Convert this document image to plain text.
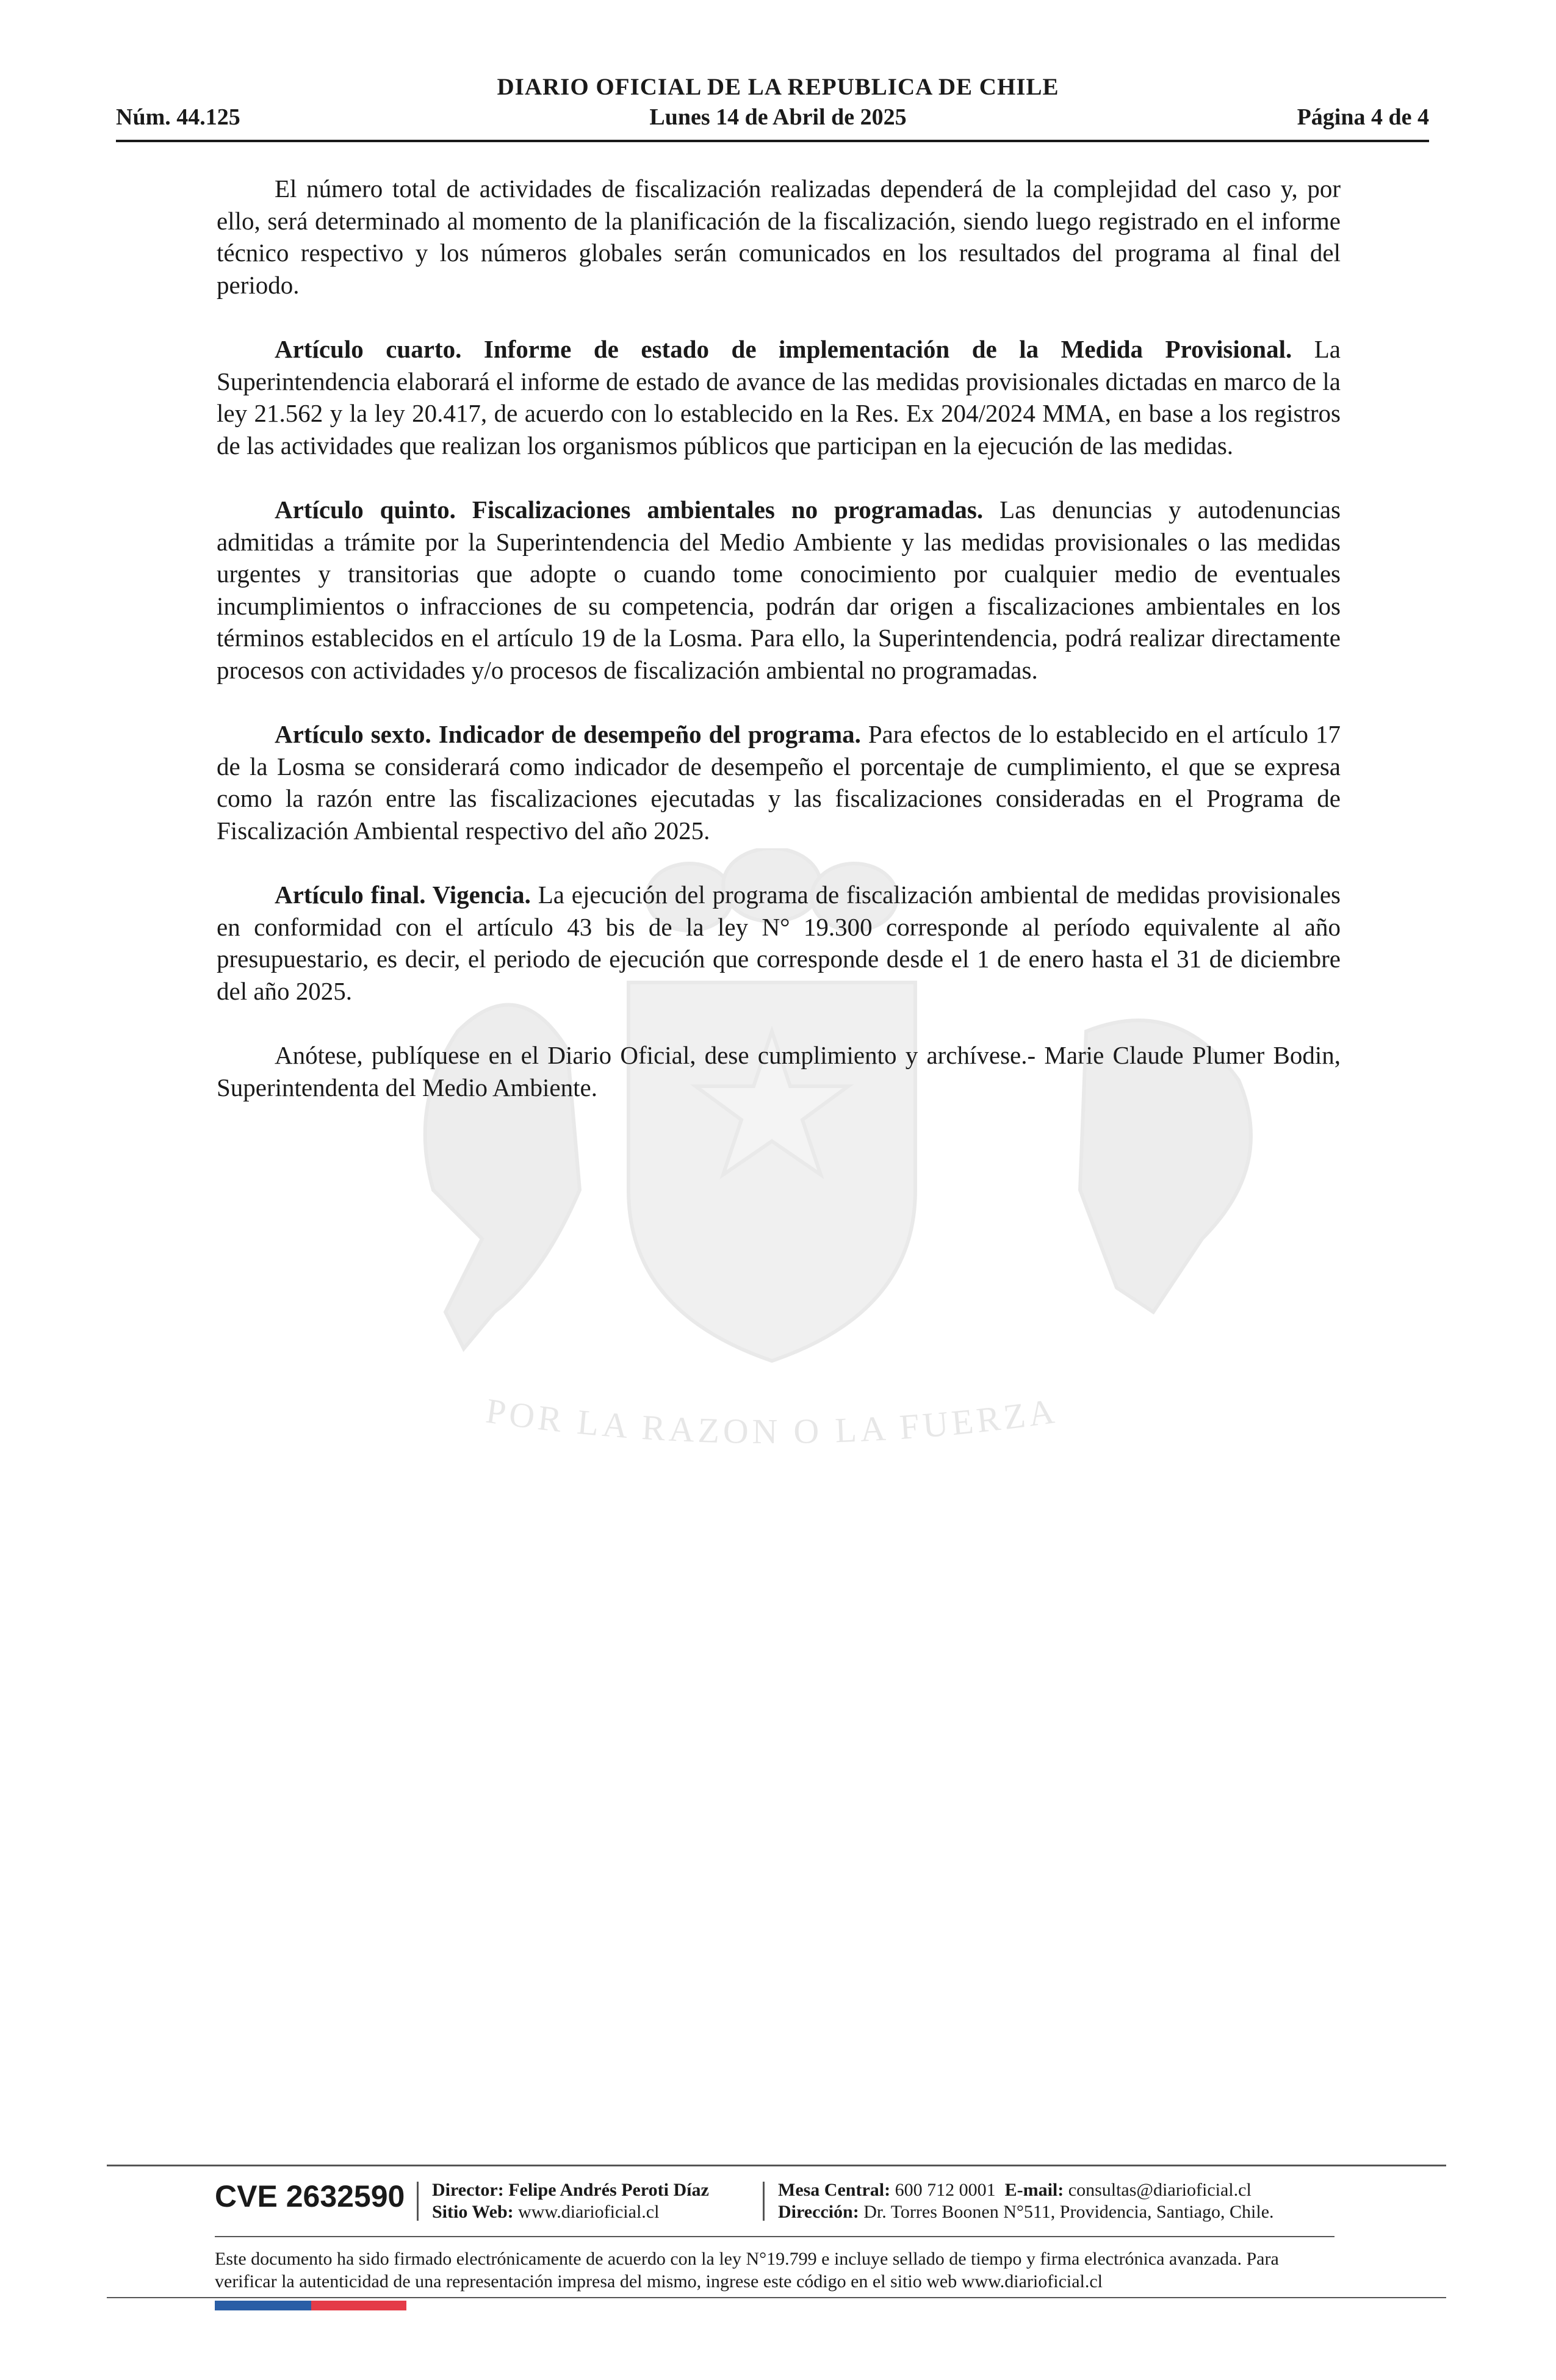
DIARIO OFICIAL DE LA REPUBLICA DE CHILE
Núm. 44.125	Lunes 14 de Abril de 2025	Página 4 de 4
POR LA RAZON O LA FUERZA

El número total de actividades de fiscalización realizadas dependerá de la complejidad del caso y, por ello, será determinado al momento de la planificación de la fiscalización, siendo luego registrado en el informe técnico respectivo y los números globales serán comunicados en los resultados del programa al final del periodo.

Artículo cuarto. Informe de estado de implementación de la Medida Provisional. La Superintendencia elaborará el informe de estado de avance de las medidas provisionales dictadas en marco de la ley 21.562 y la ley 20.417, de acuerdo con lo establecido en la Res. Ex 204/2024 MMA, en base a los registros de las actividades que realizan los organismos públicos que participan en la ejecución de las medidas.

Artículo quinto. Fiscalizaciones ambientales no programadas. Las denuncias y autodenuncias admitidas a trámite por la Superintendencia del Medio Ambiente y las medidas provisionales o las medidas urgentes y transitorias que adopte o cuando tome conocimiento por cualquier medio de eventuales incumplimientos o infracciones de su competencia, podrán dar origen a fiscalizaciones ambientales en los términos establecidos en el artículo 19 de la Losma. Para ello, la Superintendencia, podrá realizar directamente procesos con actividades y/o procesos de fiscalización ambiental no programadas.

Artículo sexto. Indicador de desempeño del programa. Para efectos de lo establecido en el artículo 17 de la Losma se considerará como indicador de desempeño el porcentaje de cumplimiento, el que se expresa como la razón entre las fiscalizaciones ejecutadas y las fiscalizaciones consideradas en el Programa de Fiscalización Ambiental respectivo del año 2025.

Artículo final. Vigencia. La ejecución del programa de fiscalización ambiental de medidas provisionales en conformidad con el artículo 43 bis de la ley N° 19.300 corresponde al período equivalente al año presupuestario, es decir, el periodo de ejecución que corresponde desde el 1 de enero hasta el 31 de diciembre del año 2025.

Anótese, publíquese en el Diario Oficial, dese cumplimiento y archívese.- Marie Claude Plumer Bodin, Superintendenta del Medio Ambiente.

CVE 2632590 Director: Felipe Andrés Peroti Díaz
Sitio Web: www.diarioficial.cl
Mesa Central: 600 712 0001 E-mail: consultas@diarioficial.cl
Dirección: Dr. Torres Boonen N°511, Providencia, Santiago, Chile.
Este documento ha sido firmado electrónicamente de acuerdo con la ley N°19.799 e incluye sellado de tiempo y firma electrónica avanzada. Para verificar la autenticidad de una representación impresa del mismo, ingrese este código en el sitio web www.diarioficial.cl
